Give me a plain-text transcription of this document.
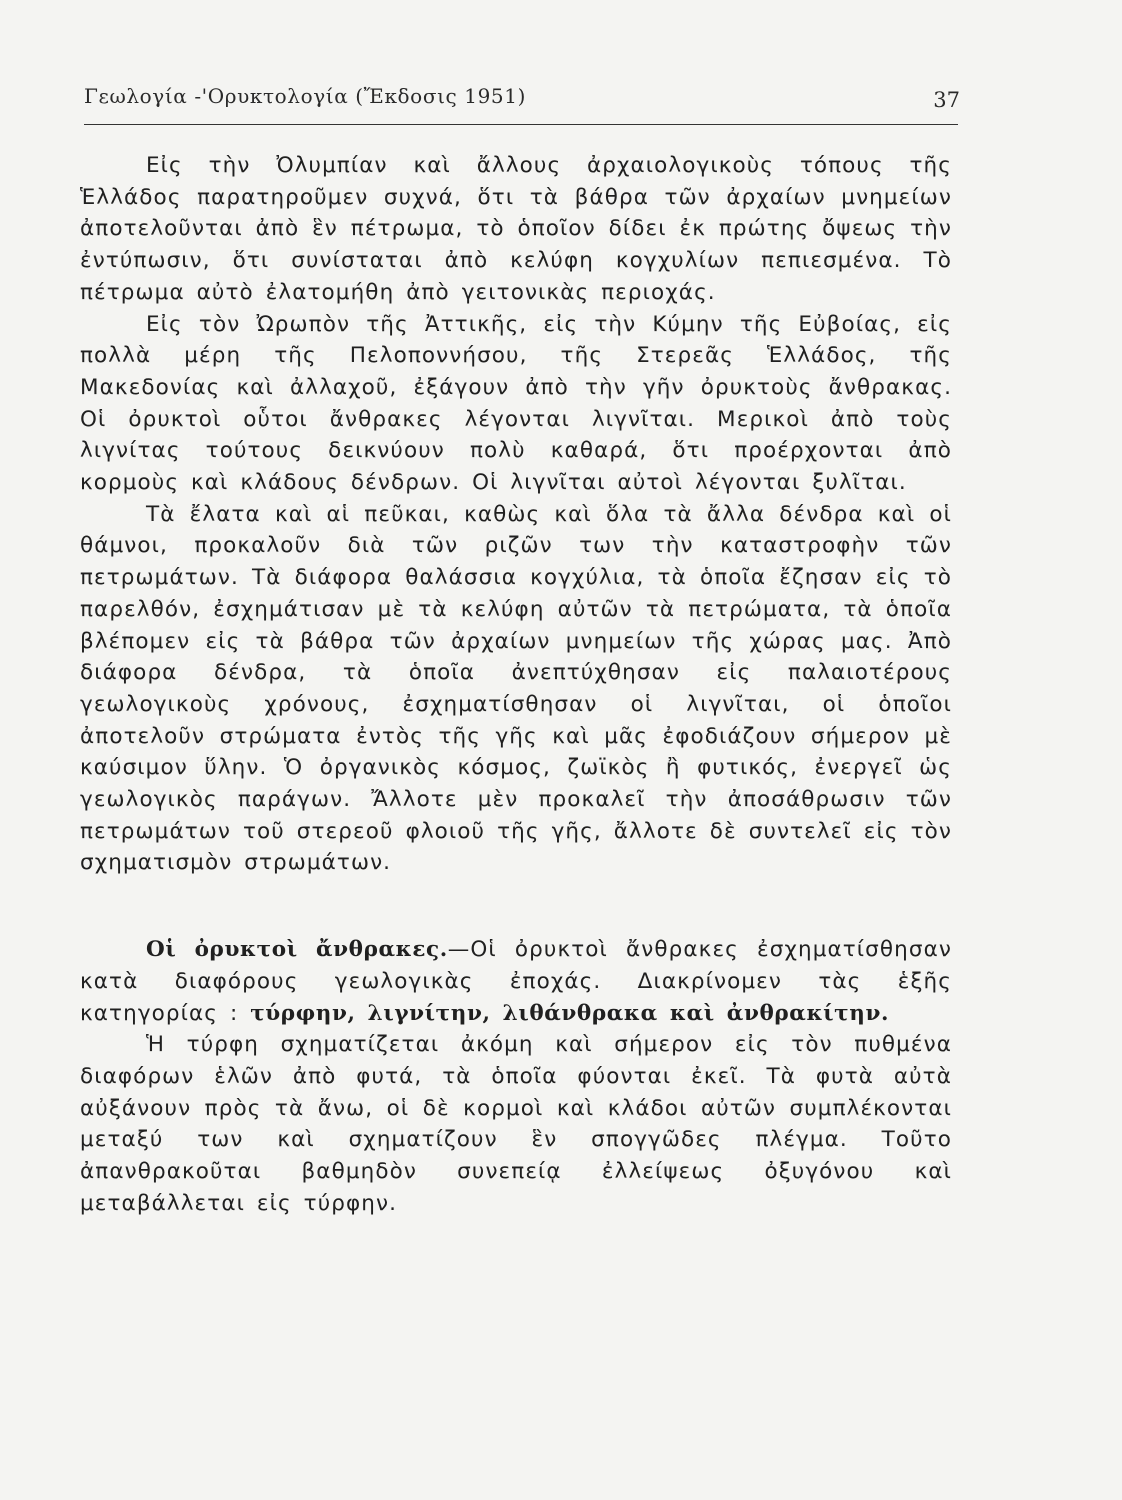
Γεωλογία -'Ορυκτολογία (Ἔκδοσις 1951)	37

Εἰς τὴν Ὀλυμπίαν καὶ ἄλλους ἀρχαιολογικοὺς τόπους τῆς Ἑλλάδος παρατηροῦμεν συχνά, ὅτι τὰ βάθρα τῶν ἀρχαίων μνημείων ἀποτελοῦνται ἀπὸ ἓν πέτρωμα, τὸ ὁποῖον δίδει ἐκ πρώτης ὄψεως τὴν ἐντύπωσιν, ὅτι συνίσταται ἀπὸ κελύφη κογχυλίων πεπιεσμένα. Τὸ πέτρωμα αὐτὸ ἐλατομήθη ἀπὸ γειτονικὰς περιοχάς.

Εἰς τὸν Ὠρωπὸν τῆς Ἀττικῆς, εἰς τὴν Κύμην τῆς Εὐβοίας, εἰς πολλὰ μέρη τῆς Πελοποννήσου, τῆς Στερεᾶς Ἑλλάδος, τῆς Μακεδονίας καὶ ἀλλαχοῦ, ἐξάγουν ἀπὸ τὴν γῆν ὀρυκτοὺς ἄνθρακας. Οἱ ὀρυκτοὶ οὗτοι ἄνθρακες λέγονται λιγνῖται. Μερικοὶ ἀπὸ τοὺς λιγνίτας τούτους δεικνύουν πολὺ καθαρά, ὅτι προέρχονται ἀπὸ κορμοὺς καὶ κλάδους δένδρων. Οἱ λιγνῖται αὐτοὶ λέγονται ξυλῖται.

Τὰ ἔλατα καὶ αἱ πεῦκαι, καθὼς καὶ ὅλα τὰ ἄλλα δένδρα καὶ οἱ θάμνοι, προκαλοῦν διὰ τῶν ριζῶν των τὴν καταστροφὴν τῶν πετρωμάτων. Τὰ διάφορα θαλάσσια κογχύλια, τὰ ὁποῖα ἔζησαν εἰς τὸ παρελθόν, ἐσχημάτισαν μὲ τὰ κελύφη αὐτῶν τὰ πετρώματα, τὰ ὁποῖα βλέπομεν εἰς τὰ βάθρα τῶν ἀρχαίων μνημείων τῆς χώρας μας. Ἀπὸ διάφορα δένδρα, τὰ ὁποῖα ἀνεπτύχθησαν εἰς παλαιοτέρους γεωλογικοὺς χρόνους, ἐσχηματίσθησαν οἱ λιγνῖται, οἱ ὁποῖοι ἀποτελοῦν στρώματα ἐντὸς τῆς γῆς καὶ μᾶς ἐφοδιάζουν σήμερον μὲ καύσιμον ὕλην. Ὁ ὀργανικὸς κόσμος, ζωϊκὸς ἢ φυτικός, ἐνεργεῖ ὡς γεωλογικὸς παράγων. Ἄλλοτε μὲν προκαλεῖ τὴν ἀποσάθρωσιν τῶν πετρωμάτων τοῦ στερεοῦ φλοιοῦ τῆς γῆς, ἄλλοτε δὲ συντελεῖ εἰς τὸν σχηματισμὸν στρωμάτων.

Οἱ ὀρυκτοὶ ἄνθρακες.—Οἱ ὀρυκτοὶ ἄνθρακες ἐσχηματίσθησαν κατὰ διαφόρους γεωλογικὰς ἐποχάς. Διακρίνομεν τὰς ἑξῆς κατηγορίας : τύρφην, λιγνίτην, λιθάνθρακα καὶ ἀνθρακίτην.

Ἡ τύρφη σχηματίζεται ἀκόμη καὶ σήμερον εἰς τὸν πυθμένα διαφόρων ἑλῶν ἀπὸ φυτά, τὰ ὁποῖα φύονται ἐκεῖ. Τὰ φυτὰ αὐτὰ αὐξάνουν πρὸς τὰ ἄνω, οἱ δὲ κορμοὶ καὶ κλάδοι αὐτῶν συμπλέκονται μεταξύ των καὶ σχηματίζουν ἓν σπογγῶδες πλέγμα. Τοῦτο ἀπανθρακοῦται βαθμηδὸν συνεπείᾳ ἐλλείψεως ὀξυγόνου καὶ μεταβάλλεται εἰς τύρφην.
